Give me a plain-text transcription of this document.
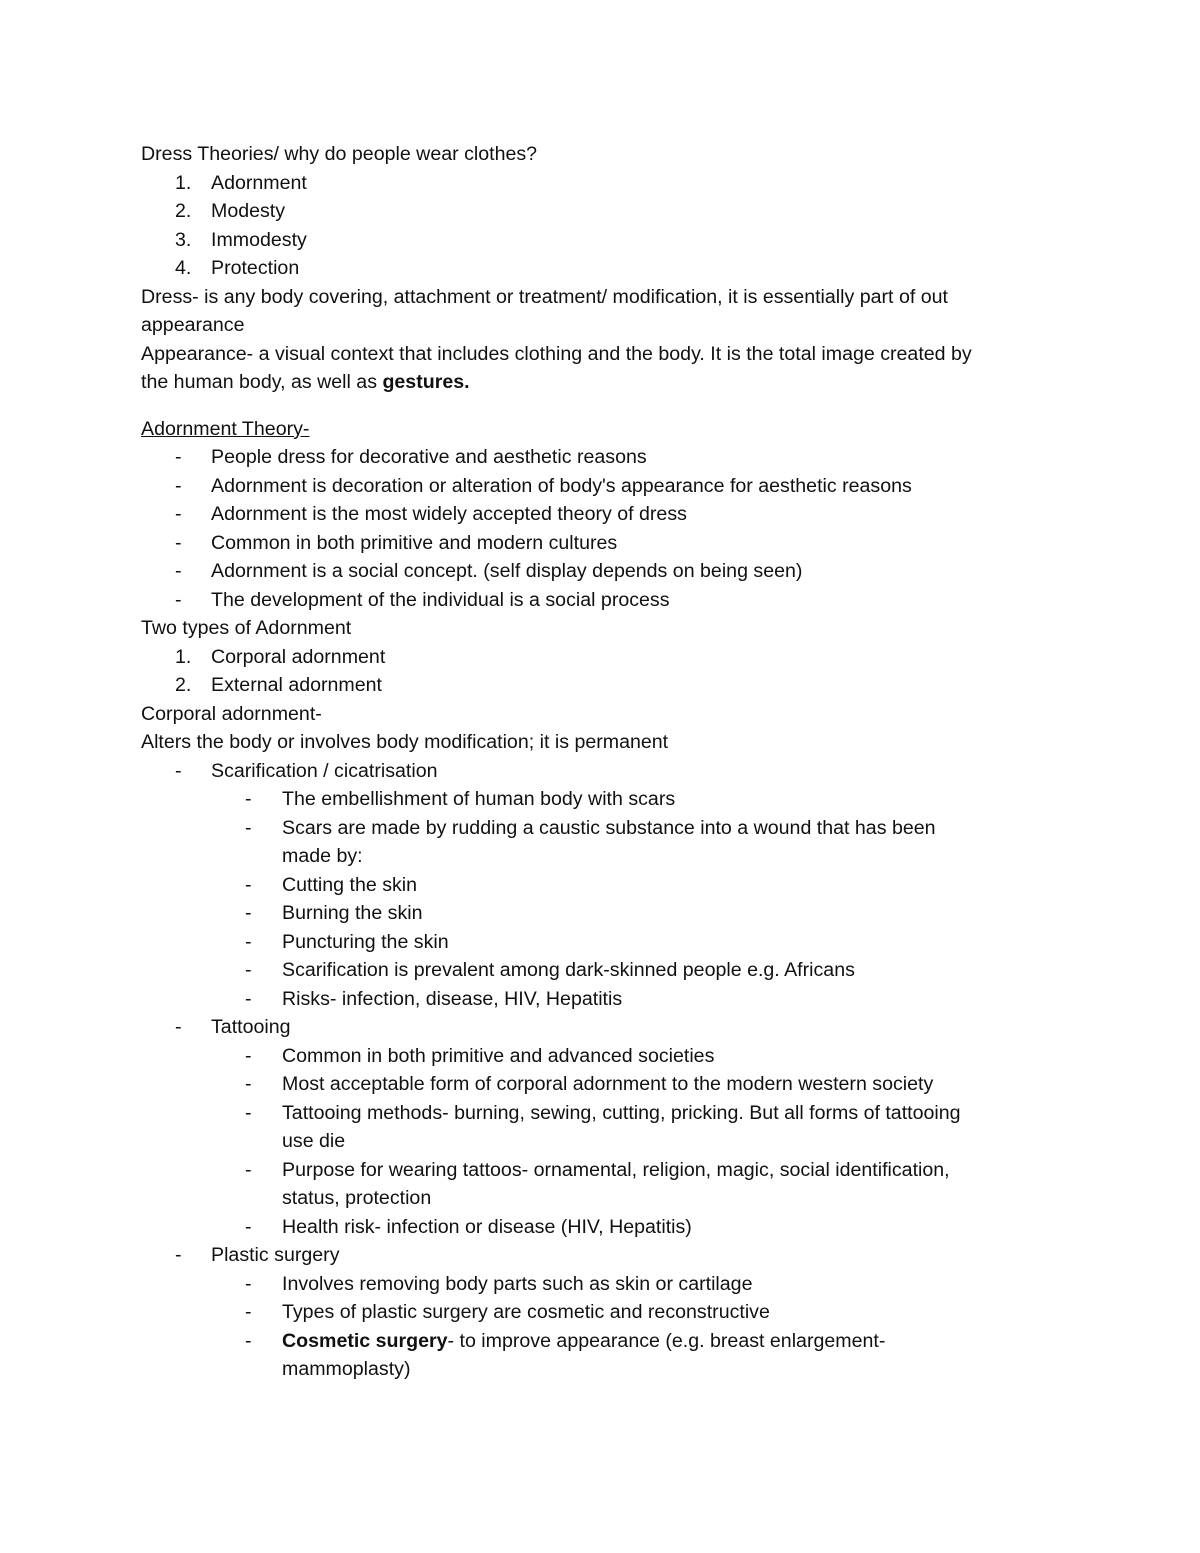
Dress Theories/ why do people wear clothes?

1. Adornment
2. Modesty
3. Immodesty
4. Protection

Dress- is any body covering, attachment or treatment/ modification, it is essentially part of out

appearance

Appearance- a visual context that includes clothing and the body. It is the total image created by

the human body, as well as gestures.

Adornment Theory-

- People dress for decorative and aesthetic reasons
- Adornment is decoration or alteration of body's appearance for aesthetic reasons
- Adornment is the most widely accepted theory of dress
- Common in both primitive and modern cultures
- Adornment is a social concept. (self display depends on being seen)
- The development of the individual is a social process

Two types of Adornment

1. Corporal adornment
2. External adornment

Corporal adornment-

Alters the body or involves body modification; it is permanent

- Scarification / cicatrisation
- The embellishment of human body with scars
- Scars are made by rudding a caustic substance into a wound that has been
made by:
- Cutting the skin
- Burning the skin
- Puncturing the skin
- Scarification is prevalent among dark-skinned people e.g. Africans
- Risks- infection, disease, HIV, Hepatitis
- Tattooing
- Common in both primitive and advanced societies
- Most acceptable form of corporal adornment to the modern western society
- Tattooing methods- burning, sewing, cutting, pricking. But all forms of tattooing
use die
- Purpose for wearing tattoos- ornamental, religion, magic, social identification,
status, protection
- Health risk- infection or disease (HIV, Hepatitis)
- Plastic surgery
- Involves removing body parts such as skin or cartilage
- Types of plastic surgery are cosmetic and reconstructive
- Cosmetic surgery- to improve appearance (e.g. breast enlargement-
mammoplasty)
